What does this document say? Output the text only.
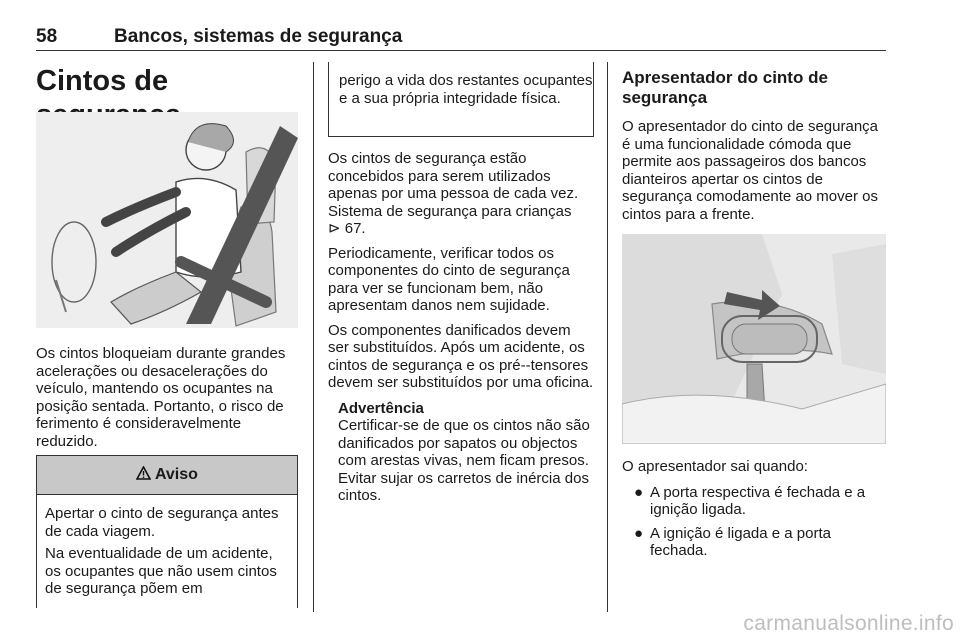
58	Bancos, sistemas de segurança
Cintos de

Os cintos bloqueiam durante grandes acelerações ou desacelerações do veículo, mantendo os ocupantes na posição sentada. Portanto, o risco de ferimento é consideravelmente reduzido.

Aviso

Apertar o cinto de segurança antes de cada viagem.

Na eventualidade de um acidente, os ocupantes que não usem cintos de segurança põem em

perigo a vida dos restantes ocupantes e a sua própria integridade física.

Os cintos de segurança estão concebidos para serem utilizados apenas por uma pessoa de cada vez. Sistema de segurança para crianças
⊳ 67.

Periodicamente, verificar todos os componentes do cinto de segurança para ver se funcionam bem, não apresentam danos nem sujidade.

Os componentes danificados devem ser substituídos. Após um acidente, os cintos de segurança e os pré--tensores devem ser substituídos por uma oficina.

Advertência

Certificar-se de que os cintos não são danificados por sapatos ou objectos com arestas vivas, nem ficam presos. Evitar sujar os carretos de inércia dos cintos.

Apresentador do cinto de segurança

O apresentador do cinto de segurança é uma funcionalidade cómoda que permite aos passageiros dos bancos dianteiros apertar os cintos de segurança comodamente ao mover os cintos para a frente.

O apresentador sai quando:

● A porta respectiva é fechada e a ignição ligada.
● A ignição é ligada e a porta fechada.
carmanualsonline.info
